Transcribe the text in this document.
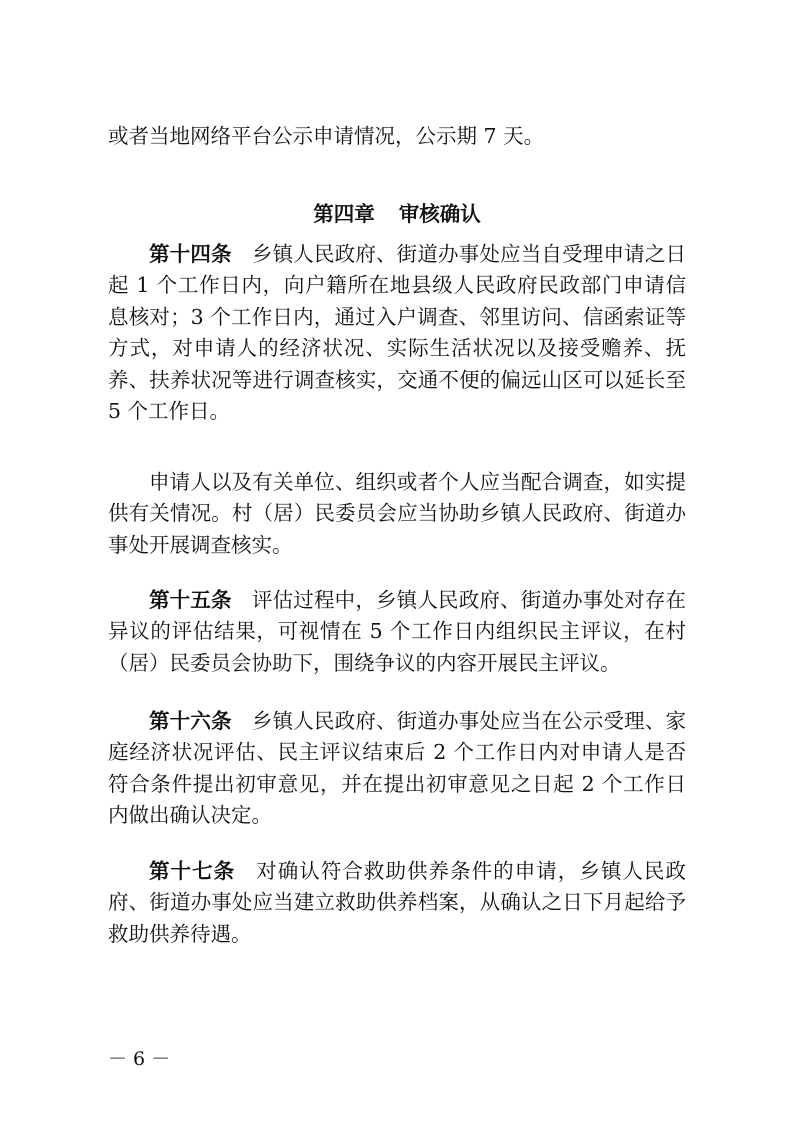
或者当地网络平台公示申请情况，公示期 7 天。

第四章 审核确认

第十四条 乡镇人民政府、街道办事处应当自受理申请之日起 1 个工作日内，向户籍所在地县级人民政府民政部门申请信息核对；3 个工作日内，通过入户调查、邻里访问、信函索证等方式，对申请人的经济状况、实际生活状况以及接受赡养、抚养、扶养状况等进行调查核实，交通不便的偏远山区可以延长至 5 个工作日。

申请人以及有关单位、组织或者个人应当配合调查，如实提供有关情况。村（居）民委员会应当协助乡镇人民政府、街道办事处开展调查核实。

第十五条 评估过程中，乡镇人民政府、街道办事处对存在异议的评估结果，可视情在 5 个工作日内组织民主评议，在村（居）民委员会协助下，围绕争议的内容开展民主评议。

第十六条 乡镇人民政府、街道办事处应当在公示受理、家庭经济状况评估、民主评议结束后 2 个工作日内对申请人是否符合条件提出初审意见，并在提出初审意见之日起 2 个工作日内做出确认决定。

第十七条 对确认符合救助供养条件的申请，乡镇人民政府、街道办事处应当建立救助供养档案，从确认之日下月起给予救助供养待遇。

－ 6 －
